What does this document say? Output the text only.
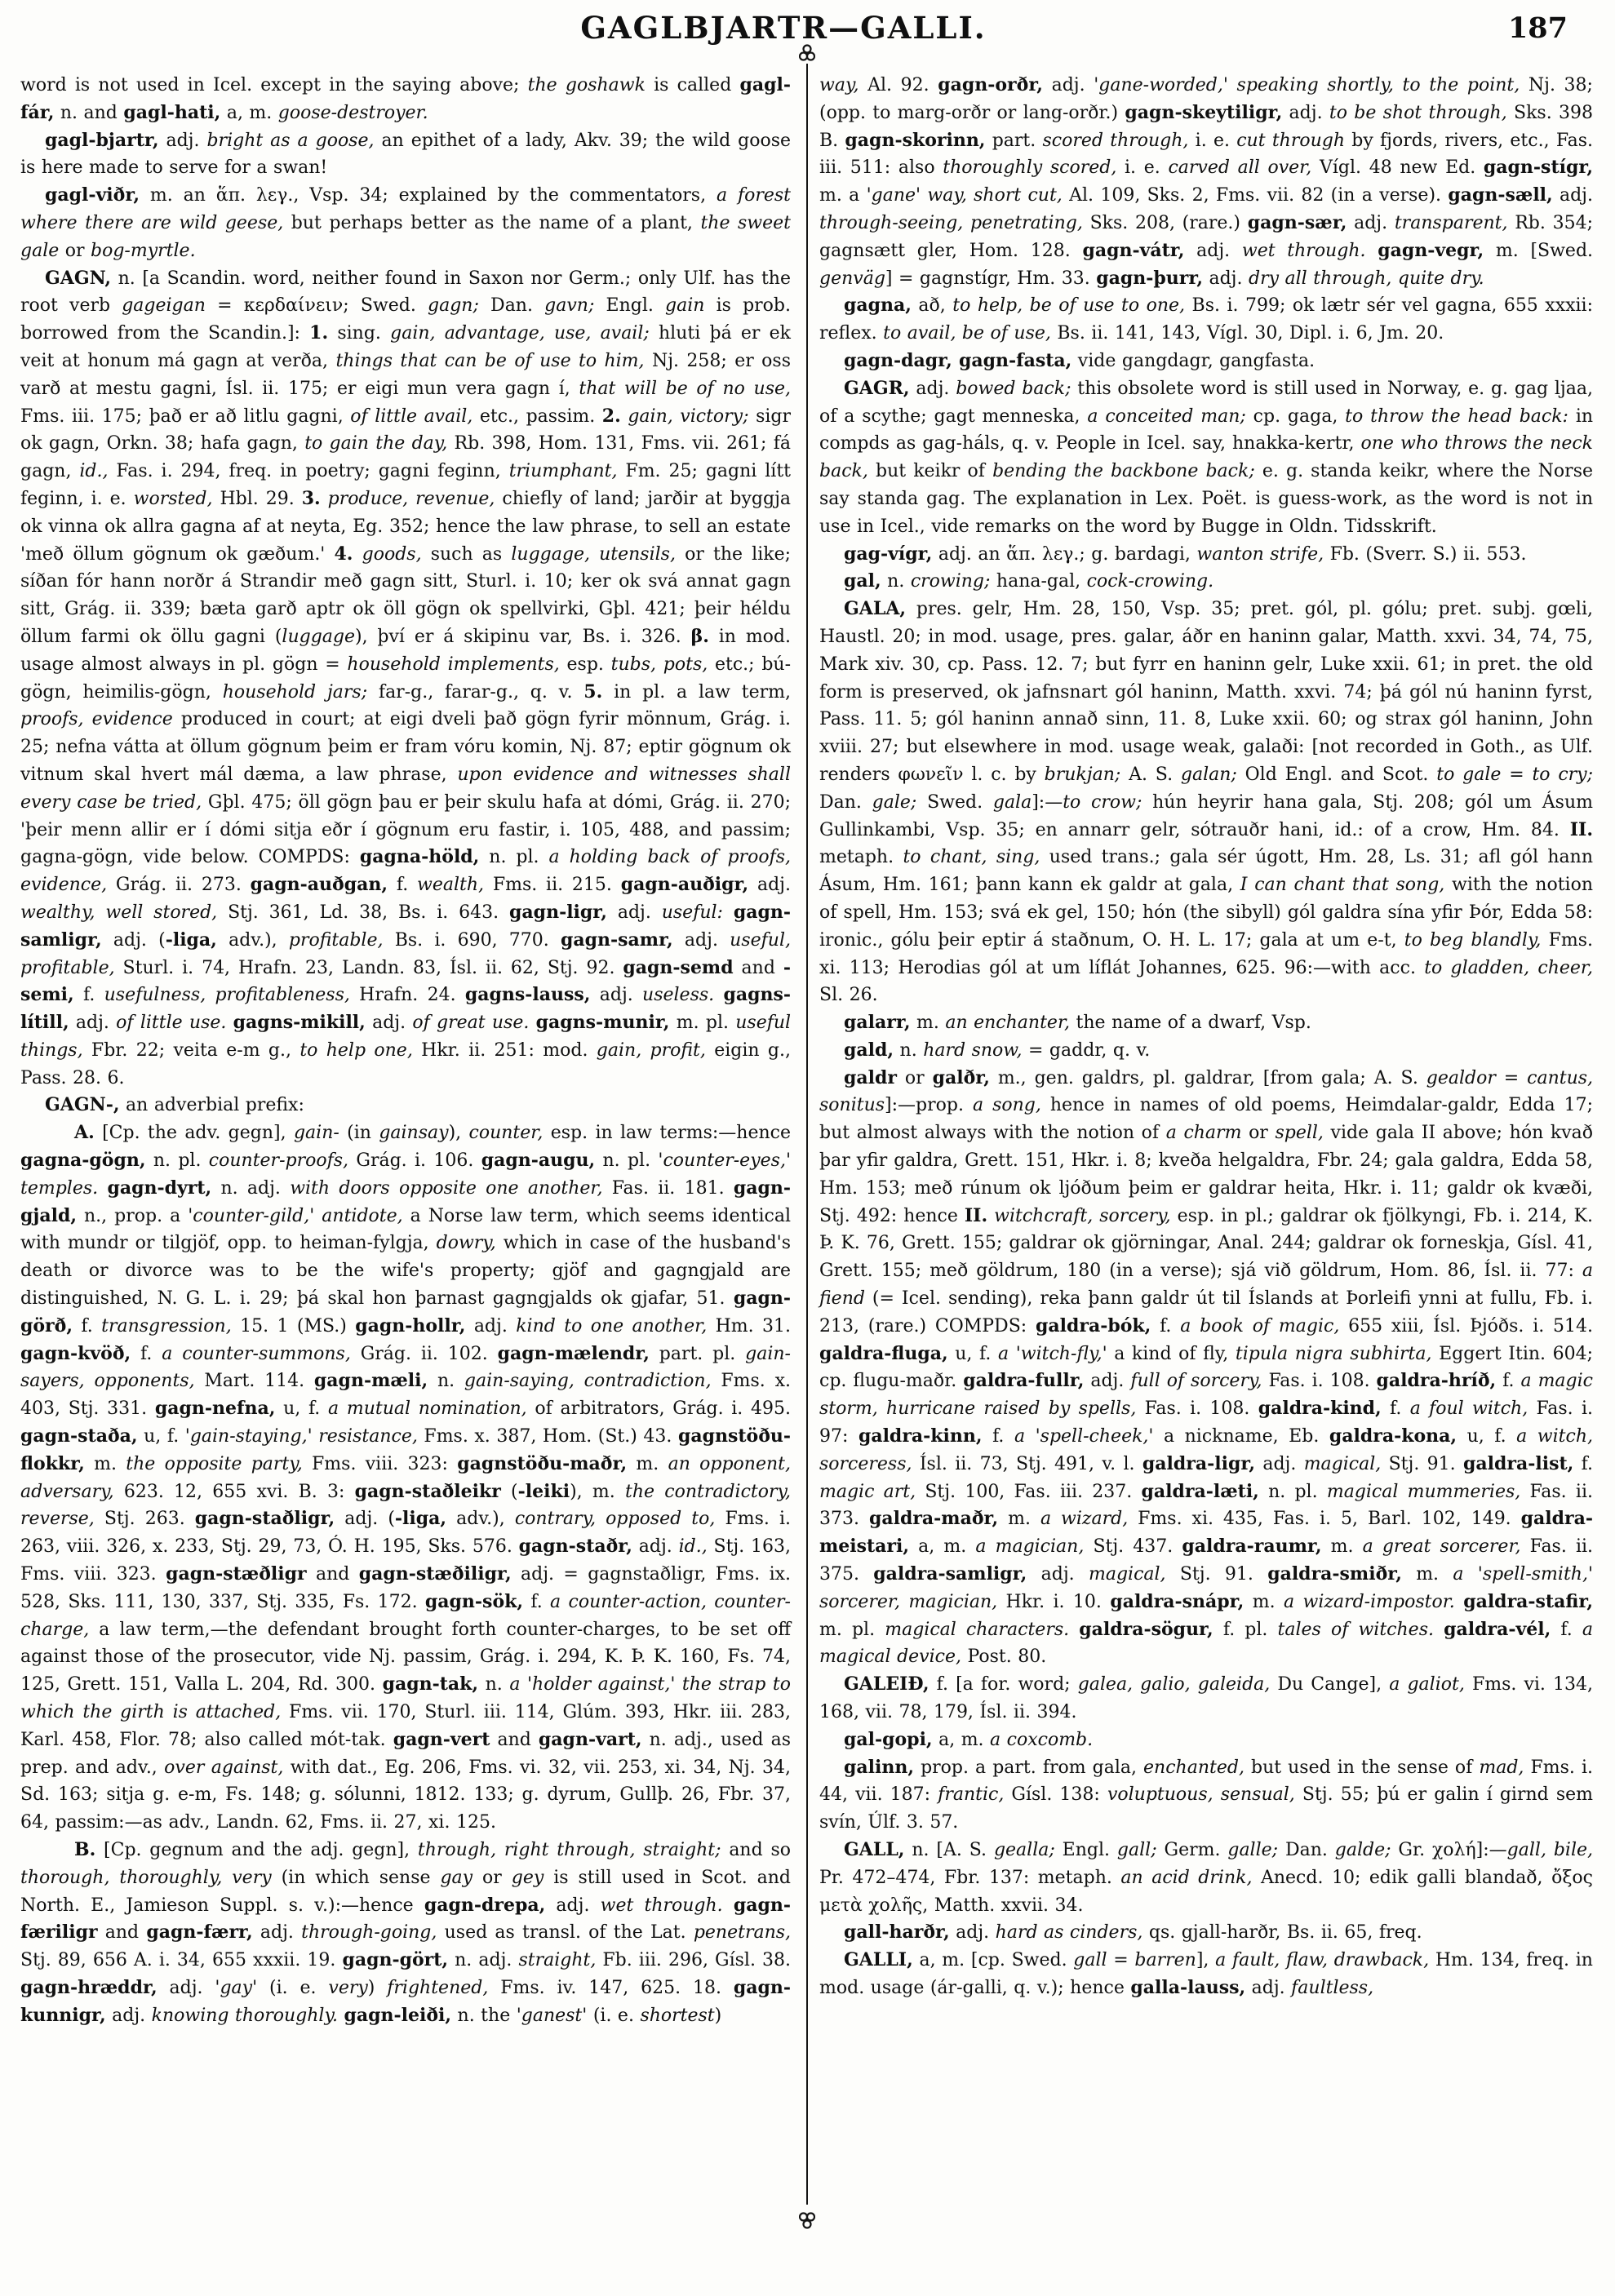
GAGLBJARTR—GALLI.	187

word is not used in Icel. except in the saying above; the goshawk is called gagl-fár, n. and gagl-hati, a, m. goose-destroyer.

gagl-bjartr, adj. bright as a goose, an epithet of a lady, Akv. 39; the wild goose is here made to serve for a swan!

gagl-viðr, m. an ἅπ. λεγ., Vsp. 34; explained by the commentators, a forest where there are wild geese, but perhaps better as the name of a plant, the sweet gale or bog-myrtle.

GAGN, n. [a Scandin. word, neither found in Saxon nor Germ.; only Ulf. has the root verb gageigan = κερδαίνειν; Swed. gagn; Dan. gavn; Engl. gain is prob. borrowed from the Scandin.]: 1. sing. gain, advantage, use, avail; hluti þá er ek veit at honum má gagn at verða, things that can be of use to him, Nj. 258; er oss varð at mestu gagni, Ísl. ii. 175; er eigi mun vera gagn í, that will be of no use, Fms. iii. 175; það er að litlu gagni, of little avail, etc., passim. 2. gain, victory; sigr ok gagn, Orkn. 38; hafa gagn, to gain the day, Rb. 398, Hom. 131, Fms. vii. 261; fá gagn, id., Fas. i. 294, freq. in poetry; gagni feginn, triumphant, Fm. 25; gagni lítt feginn, i. e. worsted, Hbl. 29. 3. produce, revenue, chiefly of land; jarðir at byggja ok vinna ok allra gagna af at neyta, Eg. 352; hence the law phrase, to sell an estate 'með öllum gögnum ok gæðum.' 4. goods, such as luggage, utensils, or the like; síðan fór hann norðr á Strandir með gagn sitt, Sturl. i. 10; ker ok svá annat gagn sitt, Grág. ii. 339; bæta garð aptr ok öll gögn ok spellvirki, Gþl. 421; þeir héldu öllum farmi ok öllu gagni (luggage), því er á skipinu var, Bs. i. 326. β. in mod. usage almost always in pl. gögn = household implements, esp. tubs, pots, etc.; bú-gögn, heimilis-gögn, household jars; far-g., farar-g., q. v. 5. in pl. a law term, proofs, evidence produced in court; at eigi dveli það gögn fyrir mönnum, Grág. i. 25; nefna vátta at öllum gögnum þeim er fram vóru komin, Nj. 87; eptir gögnum ok vitnum skal hvert mál dæma, a law phrase, upon evidence and witnesses shall every case be tried, Gþl. 475; öll gögn þau er þeir skulu hafa at dómi, Grág. ii. 270; 'þeir menn allir er í dómi sitja eðr í gögnum eru fastir, i. 105, 488, and passim; gagna-gögn, vide below. COMPDS: gagna-höld, n. pl. a holding back of proofs, evidence, Grág. ii. 273. gagn-auðgan, f. wealth, Fms. ii. 215. gagn-auðigr, adj. wealthy, well stored, Stj. 361, Ld. 38, Bs. i. 643. gagn-ligr, adj. useful: gagn-samligr, adj. (-liga, adv.), profitable, Bs. i. 690, 770. gagn-samr, adj. useful, profitable, Sturl. i. 74, Hrafn. 23, Landn. 83, Ísl. ii. 62, Stj. 92. gagn-semd and -semi, f. usefulness, profitableness, Hrafn. 24. gagns-lauss, adj. useless. gagns-lítill, adj. of little use. gagns-mikill, adj. of great use. gagns-munir, m. pl. useful things, Fbr. 22; veita e-m g., to help one, Hkr. ii. 251: mod. gain, profit, eigin g., Pass. 28. 6.

GAGN-, an adverbial prefix:

A. [Cp. the adv. gegn], gain- (in gainsay), counter, esp. in law terms:—hence gagna-gögn, n. pl. counter-proofs, Grág. i. 106. gagn-augu, n. pl. 'counter-eyes,' temples. gagn-dyrt, n. adj. with doors opposite one another, Fas. ii. 181. gagn-gjald, n., prop. a 'counter-gild,' antidote, a Norse law term, which seems identical with mundr or tilgjöf, opp. to heiman-fylgja, dowry, which in case of the husband's death or divorce was to be the wife's property; gjöf and gagngjald are distinguished, N. G. L. i. 29; þá skal hon þarnast gagngjalds ok gjafar, 51. gagn-görð, f. transgression, 15. 1 (MS.) gagn-hollr, adj. kind to one another, Hm. 31. gagn-kvöð, f. a counter-summons, Grág. ii. 102. gagn-mælendr, part. pl. gain-sayers, opponents, Mart. 114. gagn-mæli, n. gain-saying, contradiction, Fms. x. 403, Stj. 331. gagn-nefna, u, f. a mutual nomination, of arbitrators, Grág. i. 495. gagn-staða, u, f. 'gain-staying,' resistance, Fms. x. 387, Hom. (St.) 43. gagnstöðu-flokkr, m. the opposite party, Fms. viii. 323: gagnstöðu-maðr, m. an opponent, adversary, 623. 12, 655 xvi. B. 3: gagn-staðleikr (-leiki), m. the contradictory, reverse, Stj. 263. gagn-staðligr, adj. (-liga, adv.), contrary, opposed to, Fms. i. 263, viii. 326, x. 233, Stj. 29, 73, Ó. H. 195, Sks. 576. gagn-staðr, adj. id., Stj. 163, Fms. viii. 323. gagn-stæðligr and gagn-stæðiligr, adj. = gagnstaðligr, Fms. ix. 528, Sks. 111, 130, 337, Stj. 335, Fs. 172. gagn-sök, f. a counter-action, counter-charge, a law term,—the defendant brought forth counter-charges, to be set off against those of the prosecutor, vide Nj. passim, Grág. i. 294, K. Þ. K. 160, Fs. 74, 125, Grett. 151, Valla L. 204, Rd. 300. gagn-tak, n. a 'holder against,' the strap to which the girth is attached, Fms. vii. 170, Sturl. iii. 114, Glúm. 393, Hkr. iii. 283, Karl. 458, Flor. 78; also called mót-tak. gagn-vert and gagn-vart, n. adj., used as prep. and adv., over against, with dat., Eg. 206, Fms. vi. 32, vii. 253, xi. 34, Nj. 34, Sd. 163; sitja g. e-m, Fs. 148; g. sólunni, 1812. 133; g. dyrum, Gullþ. 26, Fbr. 37, 64, passim:—as adv., Landn. 62, Fms. ii. 27, xi. 125.

B. [Cp. gegnum and the adj. gegn], through, right through, straight; and so thorough, thoroughly, very (in which sense gay or gey is still used in Scot. and North. E., Jamieson Suppl. s. v.):—hence gagn-drepa, adj. wet through. gagn-færiligr and gagn-færr, adj. through-going, used as transl. of the Lat. penetrans, Stj. 89, 656 A. i. 34, 655 xxxii. 19. gagn-gört, n. adj. straight, Fb. iii. 296, Gísl. 38. gagn-hræddr, adj. 'gay' (i. e. very) frightened, Fms. iv. 147, 625. 18. gagn-kunnigr, adj. knowing thoroughly. gagn-leiði, n. the 'ganest' (i. e. shortest)

way, Al. 92. gagn-orðr, adj. 'gane-worded,' speaking shortly, to the point, Nj. 38; (opp. to marg-orðr or lang-orðr.) gagn-skeytiligr, adj. to be shot through, Sks. 398 B. gagn-skorinn, part. scored through, i. e. cut through by fjords, rivers, etc., Fas. iii. 511: also thoroughly scored, i. e. carved all over, Vígl. 48 new Ed. gagn-stígr, m. a 'gane' way, short cut, Al. 109, Sks. 2, Fms. vii. 82 (in a verse). gagn-sæll, adj. through-seeing, penetrating, Sks. 208, (rare.) gagn-sær, adj. transparent, Rb. 354; gagnsætt gler, Hom. 128. gagn-vátr, adj. wet through. gagn-vegr, m. [Swed. genväg] = gagnstígr, Hm. 33. gagn-þurr, adj. dry all through, quite dry.

gagna, að, to help, be of use to one, Bs. i. 799; ok lætr sér vel gagna, 655 xxxii: reflex. to avail, be of use, Bs. ii. 141, 143, Vígl. 30, Dipl. i. 6, Jm. 20.

gagn-dagr, gagn-fasta, vide gangdagr, gangfasta.

GAGR, adj. bowed back; this obsolete word is still used in Norway, e. g. gag ljaa, of a scythe; gagt menneska, a conceited man; cp. gaga, to throw the head back: in compds as gag-háls, q. v. People in Icel. say, hnakka-kertr, one who throws the neck back, but keikr of bending the backbone back; e. g. standa keikr, where the Norse say standa gag. The explanation in Lex. Poët. is guess-work, as the word is not in use in Icel., vide remarks on the word by Bugge in Oldn. Tidsskrift.

gag-vígr, adj. an ἅπ. λεγ.; g. bardagi, wanton strife, Fb. (Sverr. S.) ii. 553.

gal, n. crowing; hana-gal, cock-crowing.

GALA, pres. gelr, Hm. 28, 150, Vsp. 35; pret. gól, pl. gólu; pret. subj. gœli, Haustl. 20; in mod. usage, pres. galar, áðr en haninn galar, Matth. xxvi. 34, 74, 75, Mark xiv. 30, cp. Pass. 12. 7; but fyrr en haninn gelr, Luke xxii. 61; in pret. the old form is preserved, ok jafnsnart gól haninn, Matth. xxvi. 74; þá gól nú haninn fyrst, Pass. 11. 5; gól haninn annað sinn, 11. 8, Luke xxii. 60; og strax gól haninn, John xviii. 27; but elsewhere in mod. usage weak, galaði: [not recorded in Goth., as Ulf. renders φωνεῖν l. c. by brukjan; A. S. galan; Old Engl. and Scot. to gale = to cry; Dan. gale; Swed. gala]:—to crow; hún heyrir hana gala, Stj. 208; gól um Ásum Gullinkambi, Vsp. 35; en annarr gelr, sótrauðr hani, id.: of a crow, Hm. 84. II. metaph. to chant, sing, used trans.; gala sér úgott, Hm. 28, Ls. 31; afl gól hann Ásum, Hm. 161; þann kann ek galdr at gala, I can chant that song, with the notion of spell, Hm. 153; svá ek gel, 150; hón (the sibyll) gól galdra sína yfir Þór, Edda 58: ironic., gólu þeir eptir á staðnum, O. H. L. 17; gala at um e-t, to beg blandly, Fms. xi. 113; Herodias gól at um líflát Johannes, 625. 96:—with acc. to gladden, cheer, Sl. 26.

galarr, m. an enchanter, the name of a dwarf, Vsp.

gald, n. hard snow, = gaddr, q. v.

galdr or galðr, m., gen. galdrs, pl. galdrar, [from gala; A. S. gealdor = cantus, sonitus]:—prop. a song, hence in names of old poems, Heimdalar-galdr, Edda 17; but almost always with the notion of a charm or spell, vide gala II above; hón kvað þar yfir galdra, Grett. 151, Hkr. i. 8; kveða helgaldra, Fbr. 24; gala galdra, Edda 58, Hm. 153; með rúnum ok ljóðum þeim er galdrar heita, Hkr. i. 11; galdr ok kvæði, Stj. 492: hence II. witchcraft, sorcery, esp. in pl.; galdrar ok fjölkyngi, Fb. i. 214, K. Þ. K. 76, Grett. 155; galdrar ok gjörningar, Anal. 244; galdrar ok forneskja, Gísl. 41, Grett. 155; með göldrum, 180 (in a verse); sjá við göldrum, Hom. 86, Ísl. ii. 77: a fiend (= Icel. sending), reka þann galdr út til Íslands at Þorleifi ynni at fullu, Fb. i. 213, (rare.) COMPDS: galdra-bók, f. a book of magic, 655 xiii, Ísl. Þjóðs. i. 514. galdra-fluga, u, f. a 'witch-fly,' a kind of fly, tipula nigra subhirta, Eggert Itin. 604; cp. flugu-maðr. galdra-fullr, adj. full of sorcery, Fas. i. 108. galdra-hríð, f. a magic storm, hurricane raised by spells, Fas. i. 108. galdra-kind, f. a foul witch, Fas. i. 97: galdra-kinn, f. a 'spell-cheek,' a nickname, Eb. galdra-kona, u, f. a witch, sorceress, Ísl. ii. 73, Stj. 491, v. l. galdra-ligr, adj. magical, Stj. 91. galdra-list, f. magic art, Stj. 100, Fas. iii. 237. galdra-læti, n. pl. magical mummeries, Fas. ii. 373. galdra-maðr, m. a wizard, Fms. xi. 435, Fas. i. 5, Barl. 102, 149. galdra-meistari, a, m. a magician, Stj. 437. galdra-raumr, m. a great sorcerer, Fas. ii. 375. galdra-samligr, adj. magical, Stj. 91. galdra-smiðr, m. a 'spell-smith,' sorcerer, magician, Hkr. i. 10. galdra-snápr, m. a wizard-impostor. galdra-stafir, m. pl. magical characters. galdra-sögur, f. pl. tales of witches. galdra-vél, f. a magical device, Post. 80.

GALEIÐ, f. [a for. word; galea, galio, galeida, Du Cange], a galiot, Fms. vi. 134, 168, vii. 78, 179, Ísl. ii. 394.

gal-gopi, a, m. a coxcomb.

galinn, prop. a part. from gala, enchanted, but used in the sense of mad, Fms. i. 44, vii. 187: frantic, Gísl. 138: voluptuous, sensual, Stj. 55; þú er galin í girnd sem svín, Úlf. 3. 57.

GALL, n. [A. S. gealla; Engl. gall; Germ. galle; Dan. galde; Gr. χολή]:—gall, bile, Pr. 472–474, Fbr. 137: metaph. an acid drink, Anecd. 10; edik galli blandað, ὄξος μετὰ χολῆς, Matth. xxvii. 34.

gall-harðr, adj. hard as cinders, qs. gjall-harðr, Bs. ii. 65, freq.

GALLI, a, m. [cp. Swed. gall = barren], a fault, flaw, drawback, Hm. 134, freq. in mod. usage (ár-galli, q. v.); hence galla-lauss, adj. faultless,
